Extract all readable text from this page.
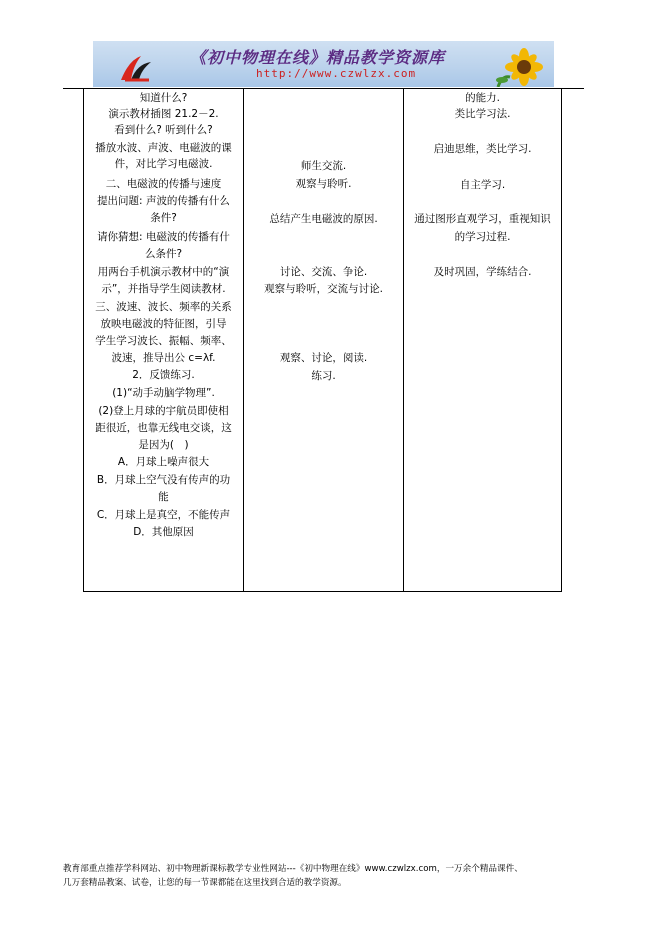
《初中物理在线》精品教学资源库
http://www.czwlzx.com
知道什么?
演示教材插图 21.2－2.
看到什么? 听到什么?
播放水波、声波、电磁波的课
件，对比学习电磁波.
二、电磁波的传播与速度
提出问题: 声波的传播有什么
条件?
请你猜想: 电磁波的传播有什
么条件?
用两台手机演示教材中的“演
示”，并指导学生阅读教材.
三、波速、波长、频率的关系
放映电磁波的特征图，引导
学生学习波长、振幅、频率、
波速，推导出公 c=λf.
2．反馈练习.
(1)“动手动脑学物理”.
(2)登上月球的宇航员即使相
距很近，也靠无线电交谈，这
是因为(　)
A．月球上噪声很大
B．月球上空气没有传声的功
能
C．月球上是真空，不能传声
D．其他原因
师生交流.
观察与聆听.
总结产生电磁波的原因.
讨论、交流、争论.
观察与聆听，交流与讨论.
观察、讨论，阅读.
练习.
的能力.
类比学习法.
启迪思维，类比学习.
自主学习.
通过图形直观学习，重视知识
的学习过程.
及时巩固，学练结合.
教育部重点推荐学科网站、初中物理新课标教学专业性网站---《初中物理在线》www.czwlzx.com，一万余个精品课件、
几万套精品教案、试卷，让您的每一节课都能在这里找到合适的教学资源。
